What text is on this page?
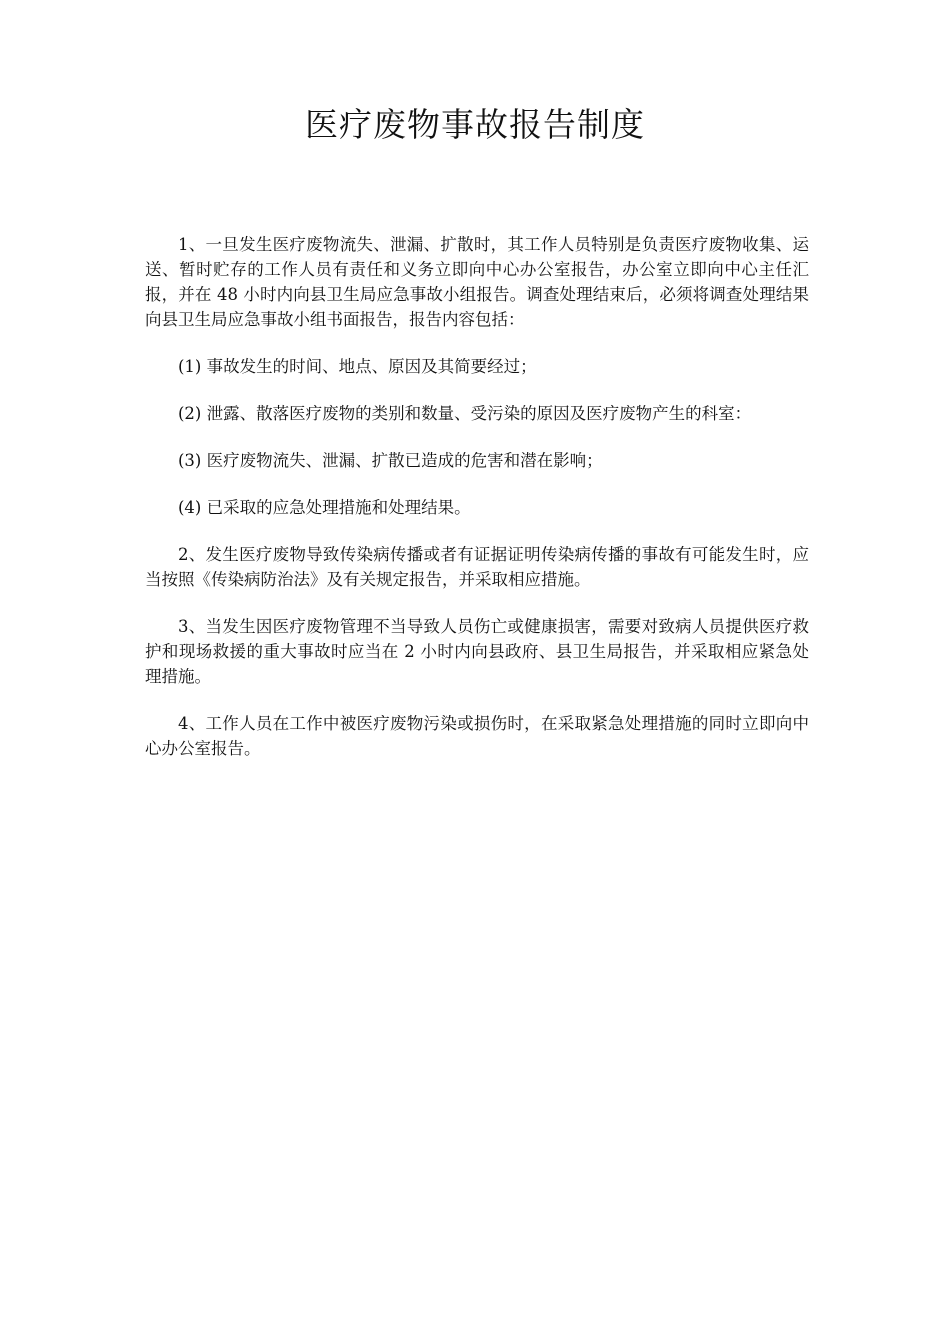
医疗废物事故报告制度

1、一旦发生医疗废物流失、泄漏、扩散时，其工作人员特别是负责医疗废物收集、运送、暂时贮存的工作人员有责任和义务立即向中心办公室报告，办公室立即向中心主任汇报，并在 48 小时内向县卫生局应急事故小组报告。调查处理结束后，必须将调查处理结果向县卫生局应急事故小组书面报告，报告内容包括：

(1) 事故发生的时间、地点、原因及其简要经过；

(2) 泄露、散落医疗废物的类别和数量、受污染的原因及医疗废物产生的科室：

(3) 医疗废物流失、泄漏、扩散已造成的危害和潜在影响；

(4) 已采取的应急处理措施和处理结果。

2、发生医疗废物导致传染病传播或者有证据证明传染病传播的事故有可能发生时，应当按照《传染病防治法》及有关规定报告，并采取相应措施。

3、当发生因医疗废物管理不当导致人员伤亡或健康损害，需要对致病人员提供医疗救护和现场救援的重大事故时应当在 2 小时内向县政府、县卫生局报告，并采取相应紧急处理措施。

4、工作人员在工作中被医疗废物污染或损伤时，在采取紧急处理措施的同时立即向中心办公室报告。
